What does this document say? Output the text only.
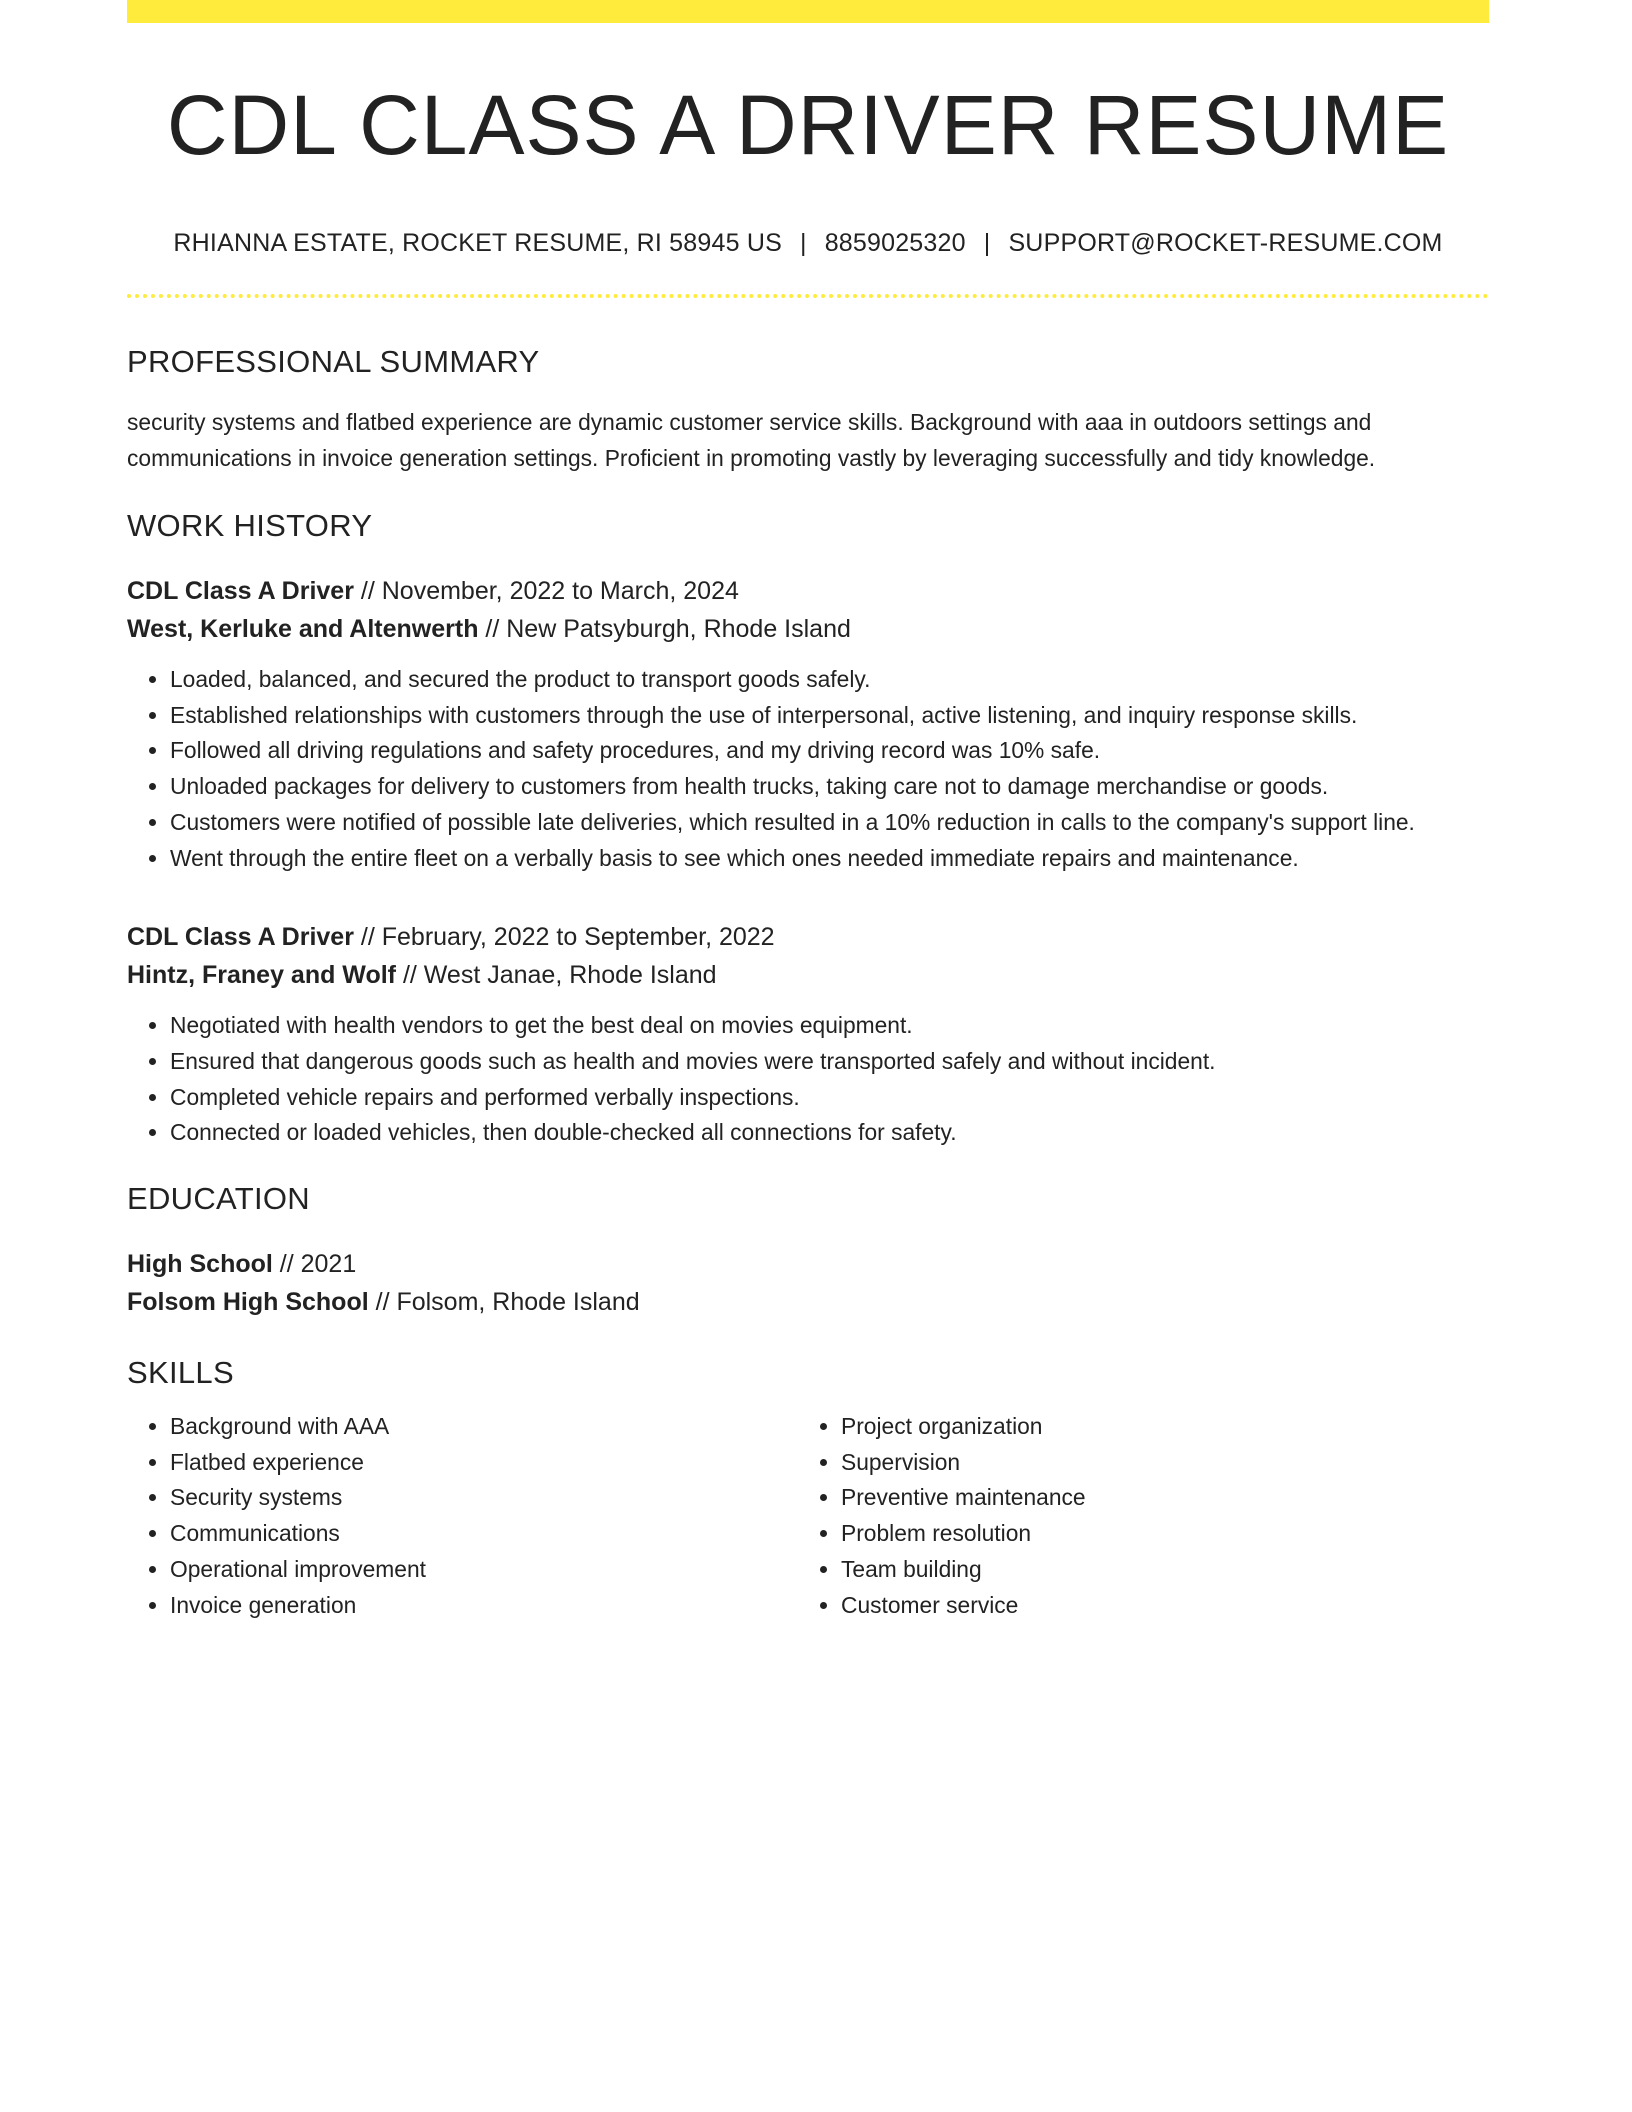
CDL CLASS A DRIVER RESUME
RHIANNA ESTATE, ROCKET RESUME, RI 58945 US | 8859025320 | SUPPORT@ROCKET-RESUME.COM
PROFESSIONAL SUMMARY
security systems and flatbed experience are dynamic customer service skills. Background with aaa in outdoors settings and communications in invoice generation settings. Proficient in promoting vastly by leveraging successfully and tidy knowledge.
WORK HISTORY
CDL Class A Driver // November, 2022 to March, 2024
West, Kerluke and Altenwerth // New Patsyburgh, Rhode Island
• Loaded, balanced, and secured the product to transport goods safely.
• Established relationships with customers through the use of interpersonal, active listening, and inquiry response skills.
• Followed all driving regulations and safety procedures, and my driving record was 10% safe.
• Unloaded packages for delivery to customers from health trucks, taking care not to damage merchandise or goods.
• Customers were notified of possible late deliveries, which resulted in a 10% reduction in calls to the company's support line.
• Went through the entire fleet on a verbally basis to see which ones needed immediate repairs and maintenance.
CDL Class A Driver // February, 2022 to September, 2022
Hintz, Franey and Wolf // West Janae, Rhode Island
• Negotiated with health vendors to get the best deal on movies equipment.
• Ensured that dangerous goods such as health and movies were transported safely and without incident.
• Completed vehicle repairs and performed verbally inspections.
• Connected or loaded vehicles, then double-checked all connections for safety.
EDUCATION
High School // 2021
Folsom High School // Folsom, Rhode Island
SKILLS
• Background with AAA
• Flatbed experience
• Security systems
• Communications
• Operational improvement
• Invoice generation
• Project organization
• Supervision
• Preventive maintenance
• Problem resolution
• Team building
• Customer service
